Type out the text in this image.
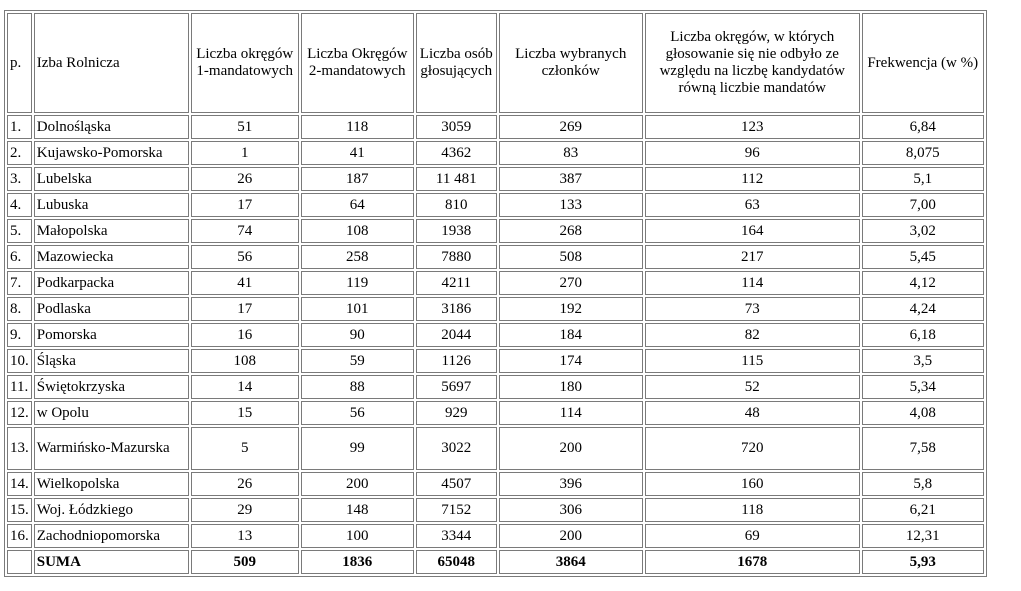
p.	Izba Rolnicza	Liczba okręgów 1-mandatowych	Liczba Okręgów 2-mandatowych	Liczba osób głosujących	Liczba wybranych członków	Liczba okręgów, w których głosowanie się nie odbyło ze względu na liczbę kandydatów równą liczbie mandatów	Frekwencja (w %)
1.	Dolnośląska	51	118	3059	269	123	6,84
2.	Kujawsko-Pomorska	1	41	4362	83	96	8,075
3.	Lubelska	26	187	11 481	387	112	5,1
4.	Lubuska	17	64	810	133	63	7,00
5.	Małopolska	74	108	1938	268	164	3,02
6.	Mazowiecka	56	258	7880	508	217	5,45
7.	Podkarpacka	41	119	4211	270	114	4,12
8.	Podlaska	17	101	3186	192	73	4,24
9.	Pomorska	16	90	2044	184	82	6,18
10.	Śląska	108	59	1126	174	115	3,5
11.	Świętokrzyska	14	88	5697	180	52	5,34
12.	w Opolu	15	56	929	114	48	4,08
13.	Warmińsko-Mazurska	5	99	3022	200	720	7,58
14.	Wielkopolska	26	200	4507	396	160	5,8
15.	Woj. Łódzkiego	29	148	7152	306	118	6,21
16.	Zachodniopomorska	13	100	3344	200	69	12,31
	SUMA	509	1836	65048	3864	1678	5,93
